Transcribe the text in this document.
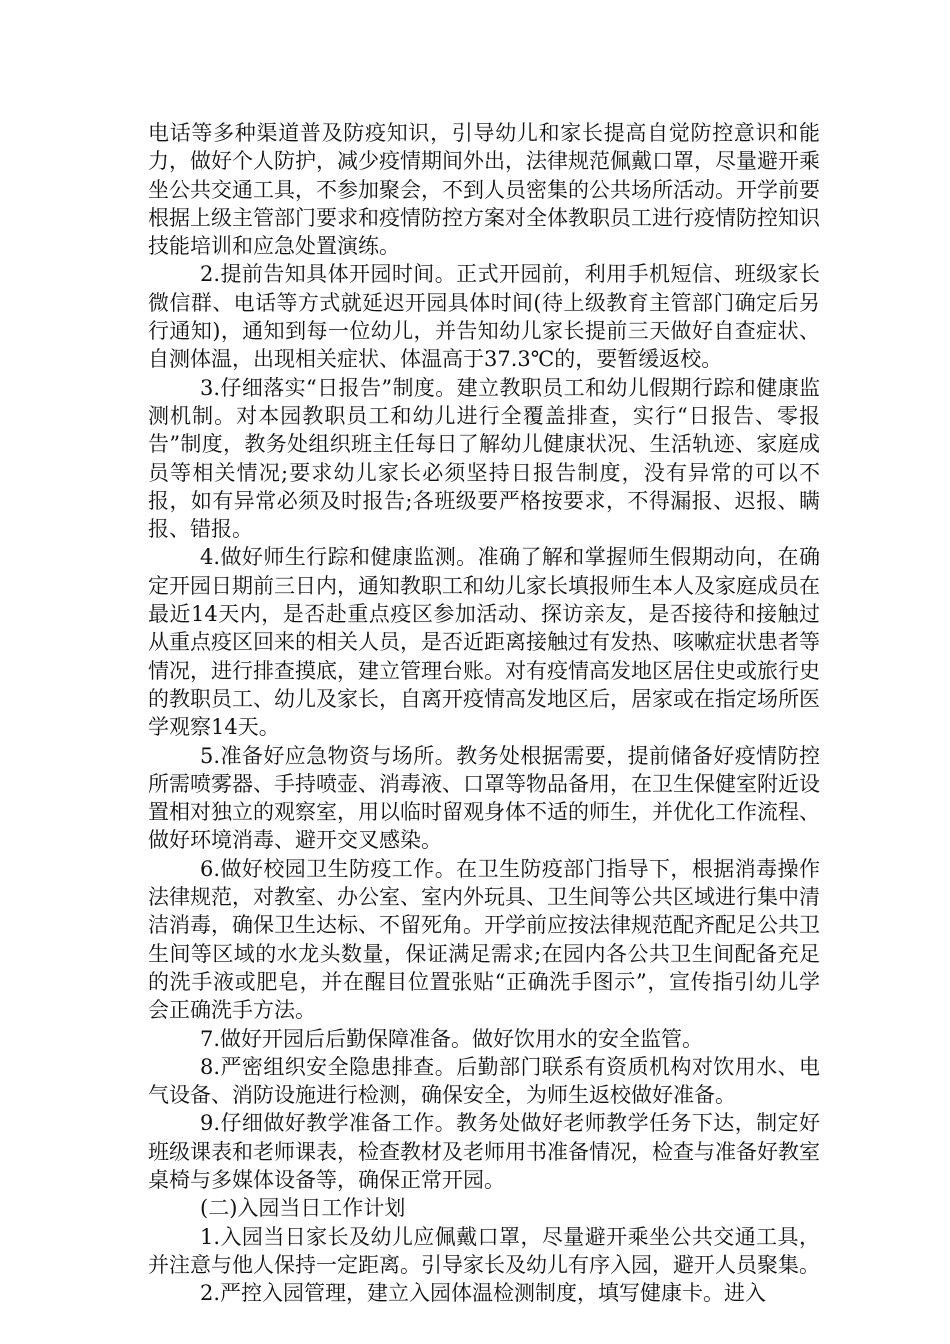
电话等多种渠道普及防疫知识，引导幼儿和家长提高自觉防控意识和能力，做好个人防护，减少疫情期间外出，法律规范佩戴口罩，尽量避开乘坐公共交通工具，不参加聚会，不到人员密集的公共场所活动。开学前要根据上级主管部门要求和疫情防控方案对全体教职员工进行疫情防控知识技能培训和应急处置演练。

2.提前告知具体开园时间。正式开园前，利用手机短信、班级家长微信群、电话等方式就延迟开园具体时间(待上级教育主管部门确定后另行通知)，通知到每一位幼儿，并告知幼儿家长提前三天做好自查症状、自测体温，出现相关症状、体温高于37.3℃的，要暂缓返校。

3.仔细落实“日报告”制度。建立教职员工和幼儿假期行踪和健康监测机制。对本园教职员工和幼儿进行全覆盖排查，实行“日报告、零报告”制度，教务处组织班主任每日了解幼儿健康状况、生活轨迹、家庭成员等相关情况;要求幼儿家长必须坚持日报告制度，没有异常的可以不报，如有异常必须及时报告;各班级要严格按要求，不得漏报、迟报、瞒报、错报。

4.做好师生行踪和健康监测。准确了解和掌握师生假期动向，在确定开园日期前三日内，通知教职工和幼儿家长填报师生本人及家庭成员在最近14天内，是否赴重点疫区参加活动、探访亲友，是否接待和接触过从重点疫区回来的相关人员，是否近距离接触过有发热、咳嗽症状患者等情况，进行排查摸底，建立管理台账。对有疫情高发地区居住史或旅行史的教职员工、幼儿及家长，自离开疫情高发地区后，居家或在指定场所医学观察14天。

5.准备好应急物资与场所。教务处根据需要，提前储备好疫情防控所需喷雾器、手持喷壶、消毒液、口罩等物品备用，在卫生保健室附近设置相对独立的观察室，用以临时留观身体不适的师生，并优化工作流程、做好环境消毒、避开交叉感染。

6.做好校园卫生防疫工作。在卫生防疫部门指导下，根据消毒操作法律规范，对教室、办公室、室内外玩具、卫生间等公共区域进行集中清洁消毒，确保卫生达标、不留死角。开学前应按法律规范配齐配足公共卫生间等区域的水龙头数量，保证满足需求;在园内各公共卫生间配备充足的洗手液或肥皂，并在醒目位置张贴“正确洗手图示”，宣传指引幼儿学会正确洗手方法。

7.做好开园后后勤保障准备。做好饮用水的安全监管。

8.严密组织安全隐患排查。后勤部门联系有资质机构对饮用水、电气设备、消防设施进行检测，确保安全，为师生返校做好准备。

9.仔细做好教学准备工作。教务处做好老师教学任务下达，制定好班级课表和老师课表，检查教材及老师用书准备情况，检查与准备好教室桌椅与多媒体设备等，确保正常开园。

(二)入园当日工作计划

1.入园当日家长及幼儿应佩戴口罩，尽量避开乘坐公共交通工具，并注意与他人保持一定距离。引导家长及幼儿有序入园，避开人员聚集。

2.严控入园管理，建立入园体温检测制度，填写健康卡。进入
